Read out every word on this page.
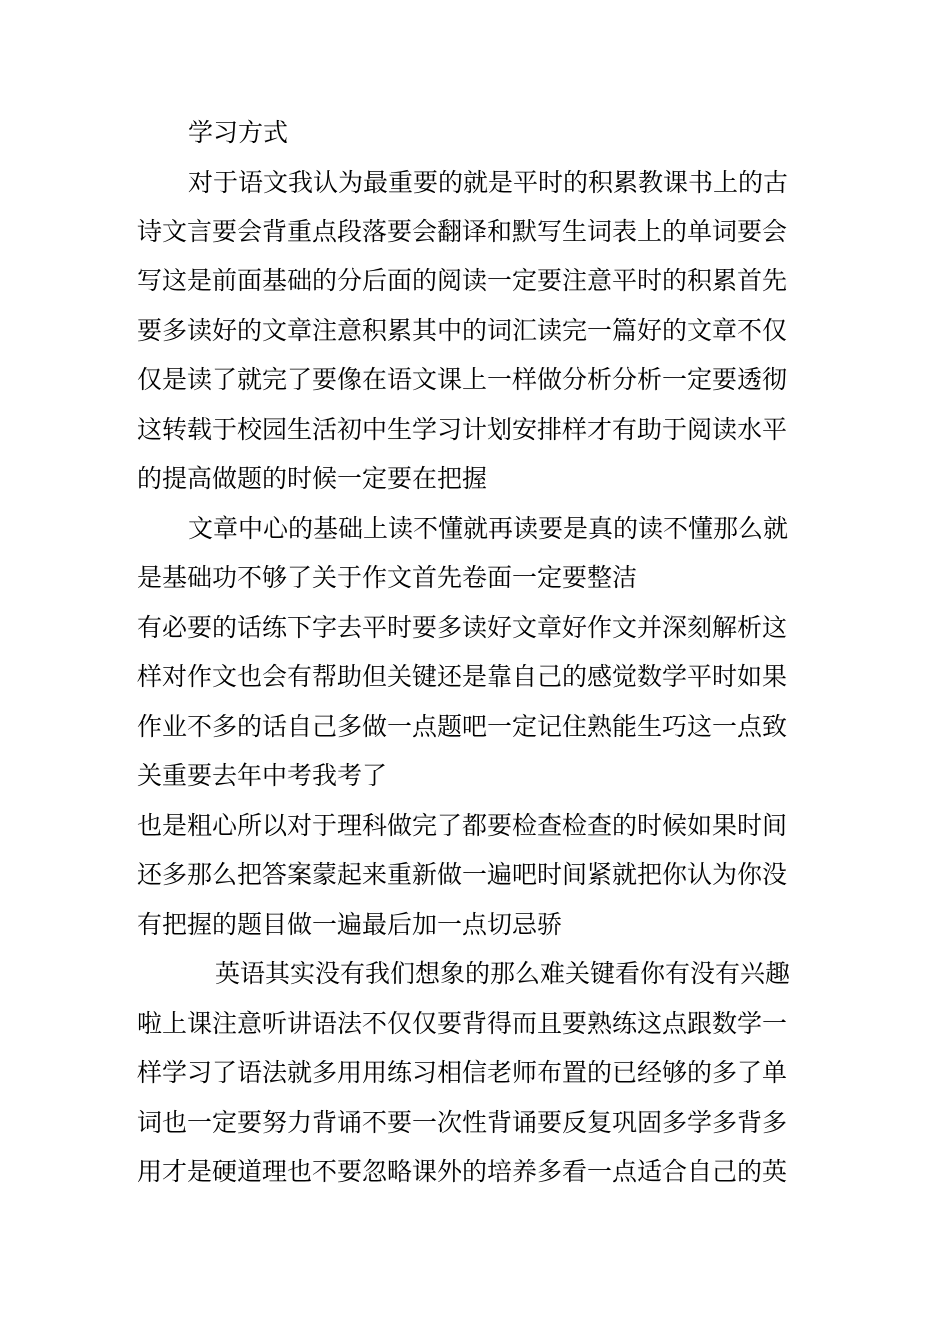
学习方式
对于语文我认为最重要的就是平时的积累教课书上的古
诗文言要会背重点段落要会翻译和默写生词表上的单词要会
写这是前面基础的分后面的阅读一定要注意平时的积累首先
要多读好的文章注意积累其中的词汇读完一篇好的文章不仅
仅是读了就完了要像在语文课上一样做分析分析一定要透彻
这转载于校园生活初中生学习计划安排样才有助于阅读水平
的提高做题的时候一定要在把握
文章中心的基础上读不懂就再读要是真的读不懂那么就
是基础功不够了关于作文首先卷面一定要整洁
有必要的话练下字去平时要多读好文章好作文并深刻解析这
样对作文也会有帮助但关键还是靠自己的感觉数学平时如果
作业不多的话自己多做一点题吧一定记住熟能生巧这一点致
关重要去年中考我考了
也是粗心所以对于理科做完了都要检查检查的时候如果时间
还多那么把答案蒙起来重新做一遍吧时间紧就把你认为你没
有把握的题目做一遍最后加一点切忌骄
英语其实没有我们想象的那么难关键看你有没有兴趣
啦上课注意听讲语法不仅仅要背得而且要熟练这点跟数学一
样学习了语法就多用用练习相信老师布置的已经够的多了单
词也一定要努力背诵不要一次性背诵要反复巩固多学多背多
用才是硬道理也不要忽略课外的培养多看一点适合自己的英
